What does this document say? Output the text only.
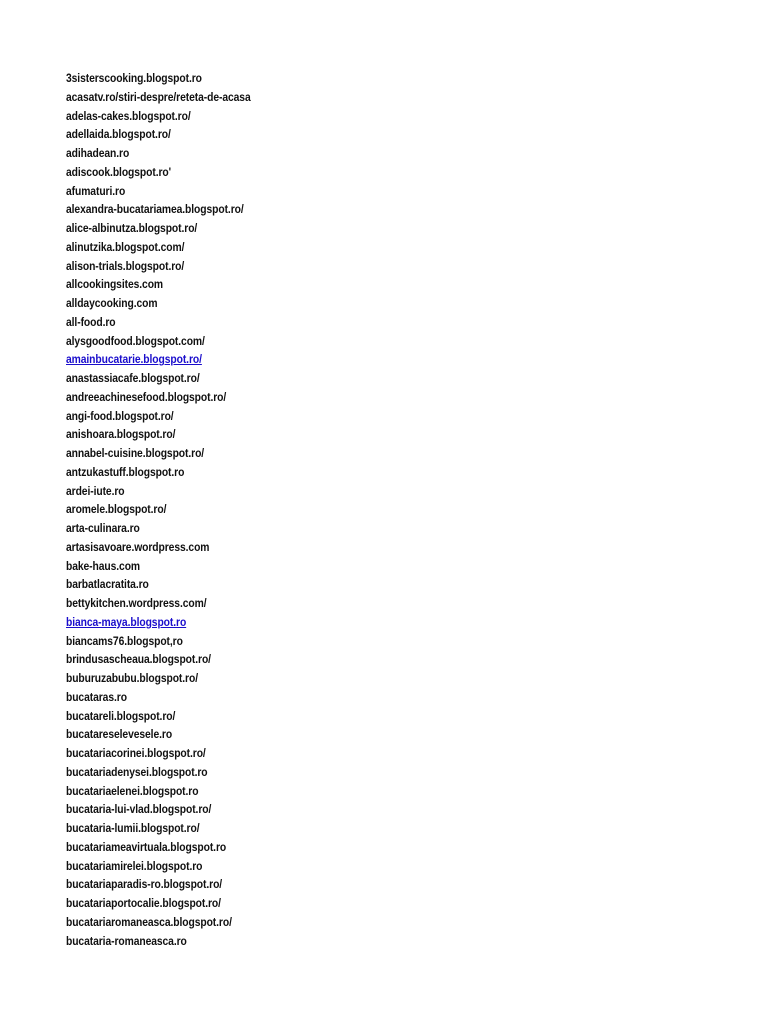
3sisterscooking.blogspot.ro
acasatv.ro/stiri-despre/reteta-de-acasa
adelas-cakes.blogspot.ro/
adellaida.blogspot.ro/
adihadean.ro
adiscook.blogspot.ro'
afumaturi.ro
alexandra-bucatariamea.blogspot.ro/
alice-albinutza.blogspot.ro/
alinutzika.blogspot.com/
alison-trials.blogspot.ro/
allcookingsites.com
alldaycooking.com
all-food.ro
alysgoodfood.blogspot.com/
amainbucatarie.blogspot.ro/
anastassiacafe.blogspot.ro/
andreeachinesefood.blogspot.ro/
angi-food.blogspot.ro/
anishoara.blogspot.ro/
annabel-cuisine.blogspot.ro/
antzukastuff.blogspot.ro
ardei-iute.ro
aromele.blogspot.ro/
arta-culinara.ro
artasisavoare.wordpress.com
bake-haus.com
barbatlacratita.ro
bettykitchen.wordpress.com/
bianca-maya.blogspot.ro
biancams76.blogspot,ro
brindusascheaua.blogspot.ro/
buburuzabubu.blogspot.ro/
bucataras.ro
bucatareli.blogspot.ro/
bucatareselevesele.ro
bucatariacorinei.blogspot.ro/
bucatariadenysei.blogspot.ro
bucatariaelenei.blogspot.ro
bucataria-lui-vlad.blogspot.ro/
bucataria-lumii.blogspot.ro/
bucatariameavirtuala.blogspot.ro
bucatariamirelei.blogspot.ro
bucatariaparadis-ro.blogspot.ro/
bucatariaportocalie.blogspot.ro/
bucatariaromaneasca.blogspot.ro/
bucataria-romaneasca.ro
